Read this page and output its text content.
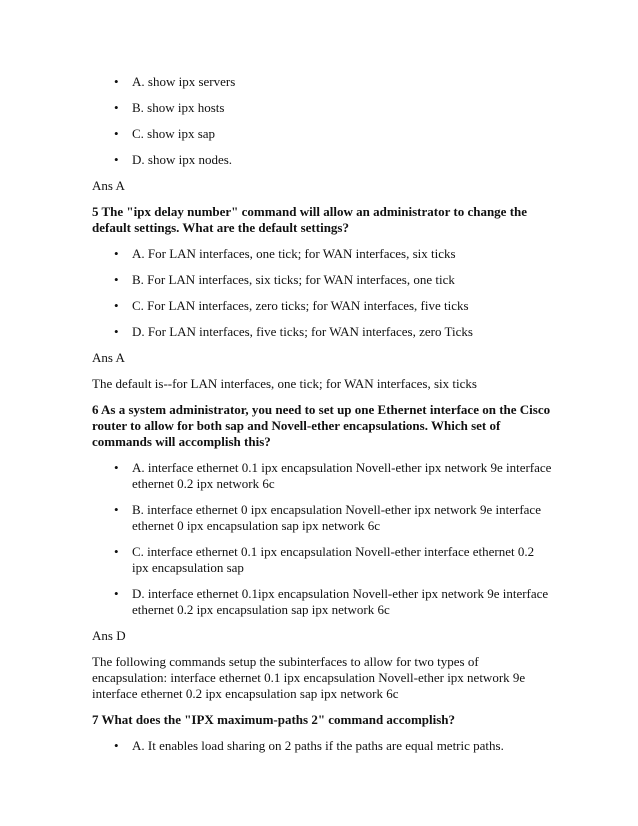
• A. show ipx servers
• B. show ipx hosts
• C. show ipx sap
• D. show ipx nodes.

Ans A

5 The "ipx delay number" command will allow an administrator to change the default settings. What are the default settings?

• A. For LAN interfaces, one tick; for WAN interfaces, six ticks
• B. For LAN interfaces, six ticks; for WAN interfaces, one tick
• C. For LAN interfaces, zero ticks; for WAN interfaces, five ticks
• D. For LAN interfaces, five ticks; for WAN interfaces, zero Ticks

Ans A

The default is--for LAN interfaces, one tick; for WAN interfaces, six ticks

6 As a system administrator, you need to set up one Ethernet interface on the Cisco router to allow for both sap and Novell-ether encapsulations. Which set of commands will accomplish this?

• A. interface ethernet 0.1 ipx encapsulation Novell-ether ipx network 9e interface ethernet 0.2 ipx network 6c
• B. interface ethernet 0 ipx encapsulation Novell-ether ipx network 9e interface ethernet 0 ipx encapsulation sap ipx network 6c
• C. interface ethernet 0.1 ipx encapsulation Novell-ether interface ethernet 0.2 ipx encapsulation sap
• D. interface ethernet 0.1ipx encapsulation Novell-ether ipx network 9e interface ethernet 0.2 ipx encapsulation sap ipx network 6c

Ans D

The following commands setup the subinterfaces to allow for two types of encapsulation: interface ethernet 0.1 ipx encapsulation Novell-ether ipx network 9e interface ethernet 0.2 ipx encapsulation sap ipx network 6c

7 What does the "IPX maximum-paths 2" command accomplish?

• A. It enables load sharing on 2 paths if the paths are equal metric paths.
